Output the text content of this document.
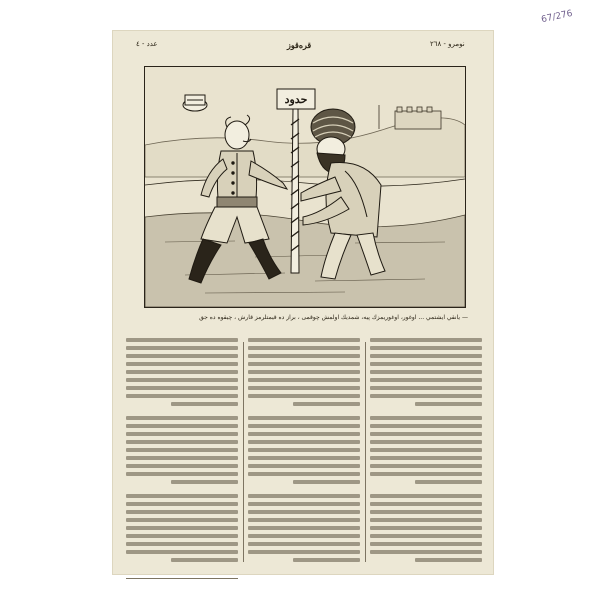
67/276
عدد - ٤	قره‌قوز	نومرو - ٢٦٨
حدود
— يانقي ايشتمي ... اوغور، اوغوريمزك پيه، شمديك اولمش چوقمى ، براز ده قيمتلرمز قارش ، چيقوه ده جق
